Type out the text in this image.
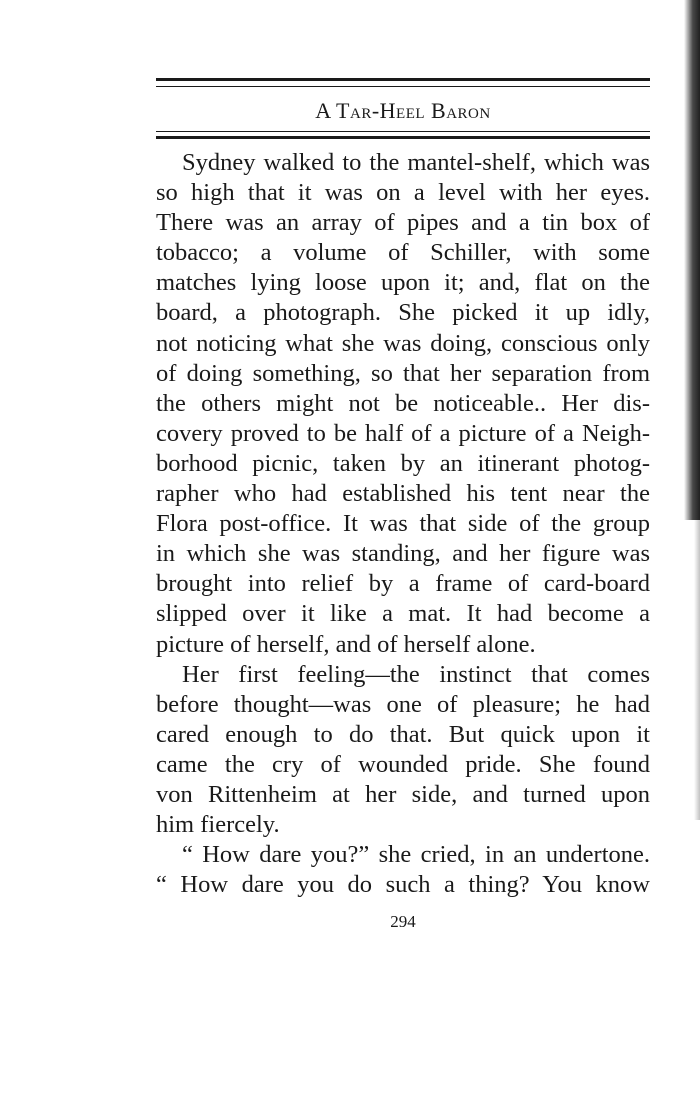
A Tar-Heel Baron
Sydney walked to the mantel-shelf, which was
so high that it was on a level with her eyes.
There was an array of pipes and a tin box of
tobacco; a volume of Schiller, with some
matches lying loose upon it; and, flat on the
board, a photograph. She picked it up idly,
not noticing what she was doing, conscious only
of doing something, so that her separation from
the others might not be noticeable.. Her dis-
covery proved to be half of a picture of a Neigh-
borhood picnic, taken by an itinerant photog-
rapher who had established his tent near the
Flora post-office. It was that side of the group
in which she was standing, and her figure was
brought into relief by a frame of card-board
slipped over it like a mat. It had become a
picture of herself, and of herself alone.
Her first feeling—the instinct that comes
before thought—was one of pleasure; he had
cared enough to do that. But quick upon it
came the cry of wounded pride. She found
von Rittenheim at her side, and turned upon
him fiercely.
“ How dare you?” she cried, in an undertone.
“ How dare you do such a thing? You know
294
